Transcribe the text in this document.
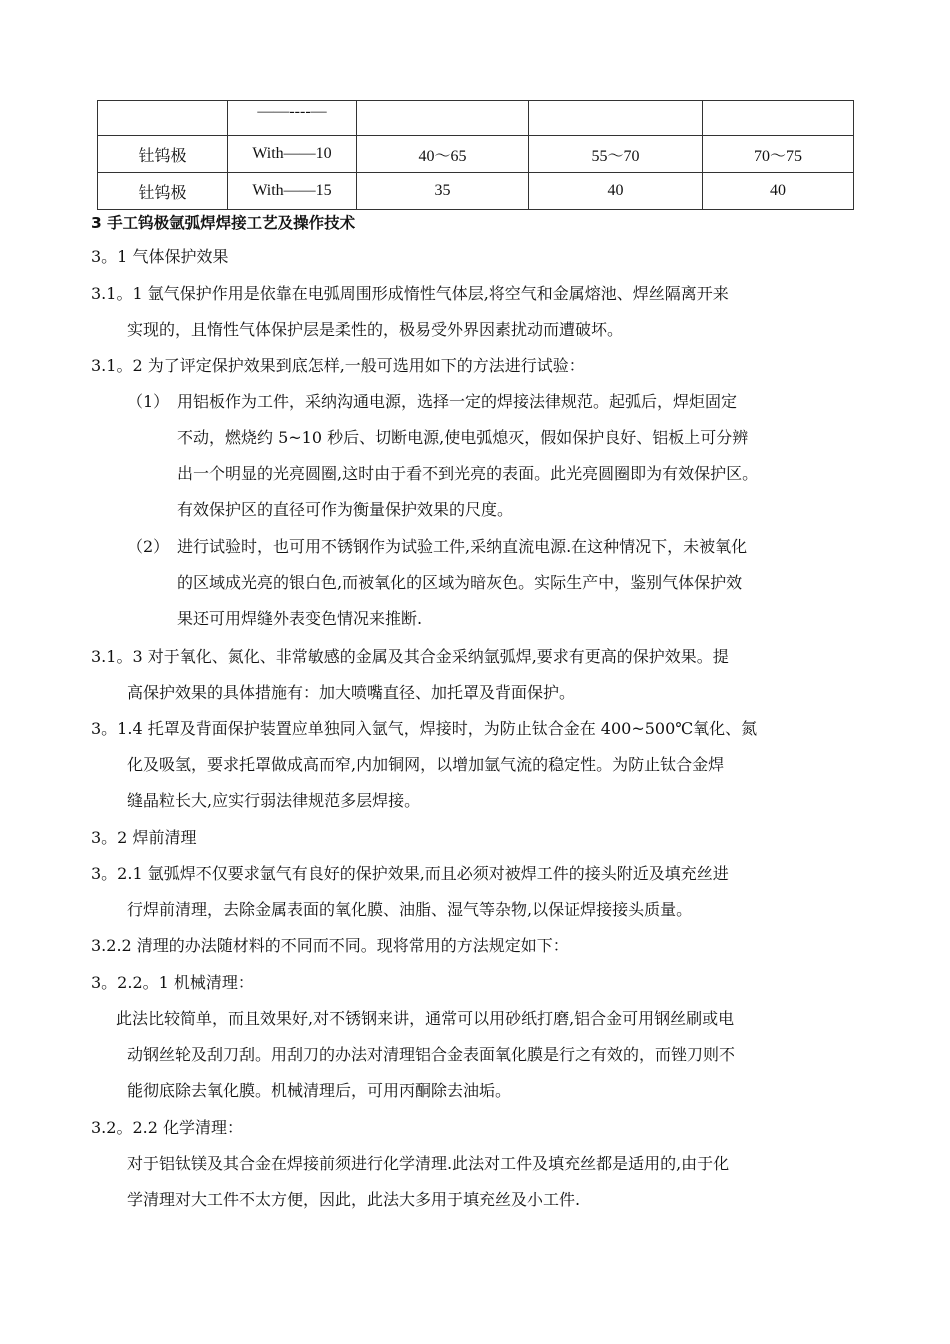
	——----—			
钍钨极	With——10	40～65	55～70	70～75
钍钨极	With——15	35	40	40
3 手工钨极氩弧焊焊接工艺及操作技术
3。1 气体保护效果
3.1。1 氩气保护作用是依靠在电弧周围形成惰性气体层,将空气和金属熔池、焊丝隔离开来
实现的，且惰性气体保护层是柔性的，极易受外界因素扰动而遭破坏。
3.1。2 为了评定保护效果到底怎样,一般可选用如下的方法进行试验：
（1） 用铝板作为工件，采纳沟通电源，选择一定的焊接法律规范。起弧后，焊炬固定
不动，燃烧约 5~10 秒后、切断电源,使电弧熄灭，假如保护良好、铝板上可分辨
出一个明显的光亮圆圈,这时由于看不到光亮的表面。此光亮圆圈即为有效保护区。
有效保护区的直径可作为衡量保护效果的尺度。
（2） 进行试验时，也可用不锈钢作为试验工件,采纳直流电源.在这种情况下，未被氧化
的区域成光亮的银白色,而被氧化的区域为暗灰色。实际生产中，鉴别气体保护效
果还可用焊缝外表变色情况来推断.
3.1。3 对于氧化、氮化、非常敏感的金属及其合金采纳氩弧焊,要求有更高的保护效果。提
高保护效果的具体措施有：加大喷嘴直径、加托罩及背面保护。
3。1.4 托罩及背面保护装置应单独同入氩气，焊接时，为防止钛合金在 400~500℃氧化、氮
化及吸氢，要求托罩做成高而窄,内加铜网，以增加氩气流的稳定性。为防止钛合金焊
缝晶粒长大,应实行弱法律规范多层焊接。
3。2 焊前清理
3。2.1 氩弧焊不仅要求氩气有良好的保护效果,而且必须对被焊工件的接头附近及填充丝进
行焊前清理，去除金属表面的氧化膜、油脂、湿气等杂物,以保证焊接接头质量。
3.2.2 清理的办法随材料的不同而不同。现将常用的方法规定如下：
3。2.2。1 机械清理：
此法比较简单，而且效果好,对不锈钢来讲，通常可以用砂纸打磨,铝合金可用钢丝刷或电
动钢丝轮及刮刀刮。用刮刀的办法对清理铝合金表面氧化膜是行之有效的，而锉刀则不
能彻底除去氧化膜。机械清理后，可用丙酮除去油垢。
3.2。2.2 化学清理：
对于铝钛镁及其合金在焊接前须进行化学清理.此法对工件及填充丝都是适用的,由于化
学清理对大工件不太方便，因此，此法大多用于填充丝及小工件.
